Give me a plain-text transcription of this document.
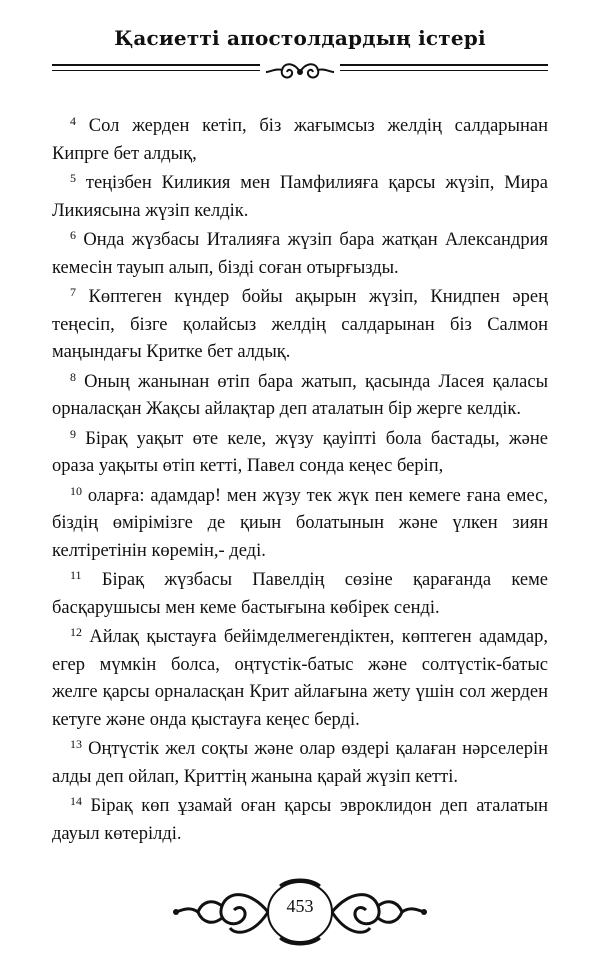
Қасиетті апостолдардың істері

$^4$ Сол жерден кетіп, біз жағымсыз желдің салдарынан Кипрге бет алдық,

$^5$ теңізбен Киликия мен Памфилияға қарсы жүзіп, Мира Ликиясына жүзіп келдік.

$^6$ Онда жүзбасы Италияға жүзіп бара жатқан Александрия кемесін тауып алып, бізді соған отырғызды.

$^7$ Көптеген күндер бойы ақырын жүзіп, Книдпен әрең теңесіп, бізге қолайсыз желдің салдарынан біз Салмон маңындағы Критке бет алдық.

$^8$ Оның жанынан өтіп бара жатып, қасында Ласея қаласы орналасқан Жақсы айлақтар деп аталатын бір жерге келдік.

$^9$ Бірақ уақыт өте келе, жүзу қауіпті бола бастады, және ораза уақыты өтіп кетті, Павел сонда кеңес беріп,

$^{10}$ оларға: адамдар! мен жүзу тек жүк пен кемеге ғана емес, біздің өмірімізге де қиын болатынын және үлкен зиян келтіретінін көремін,- деді.

$^{11}$ Бірақ жүзбасы Павелдің сөзіне қарағанда кеме басқарушысы мен кеме бастығына көбірек сенді.

$^{12}$ Айлақ қыстауға бейімделмегендіктен, көптеген адамдар, егер мүмкін болса, оңтүстік-батыс және солтүстік-батыс желге қарсы орналасқан Крит айлағына жету үшін сол жерден кетуге және онда қыстауға кеңес берді.

$^{13}$ Оңтүстік жел соқты және олар өздері қалаған нәрселерін алды деп ойлап, Криттің жанына қарай жүзіп кетті.

$^{14}$ Бірақ көп ұзамай оған қарсы эвроклидон деп аталатын дауыл көтерілді.

453
